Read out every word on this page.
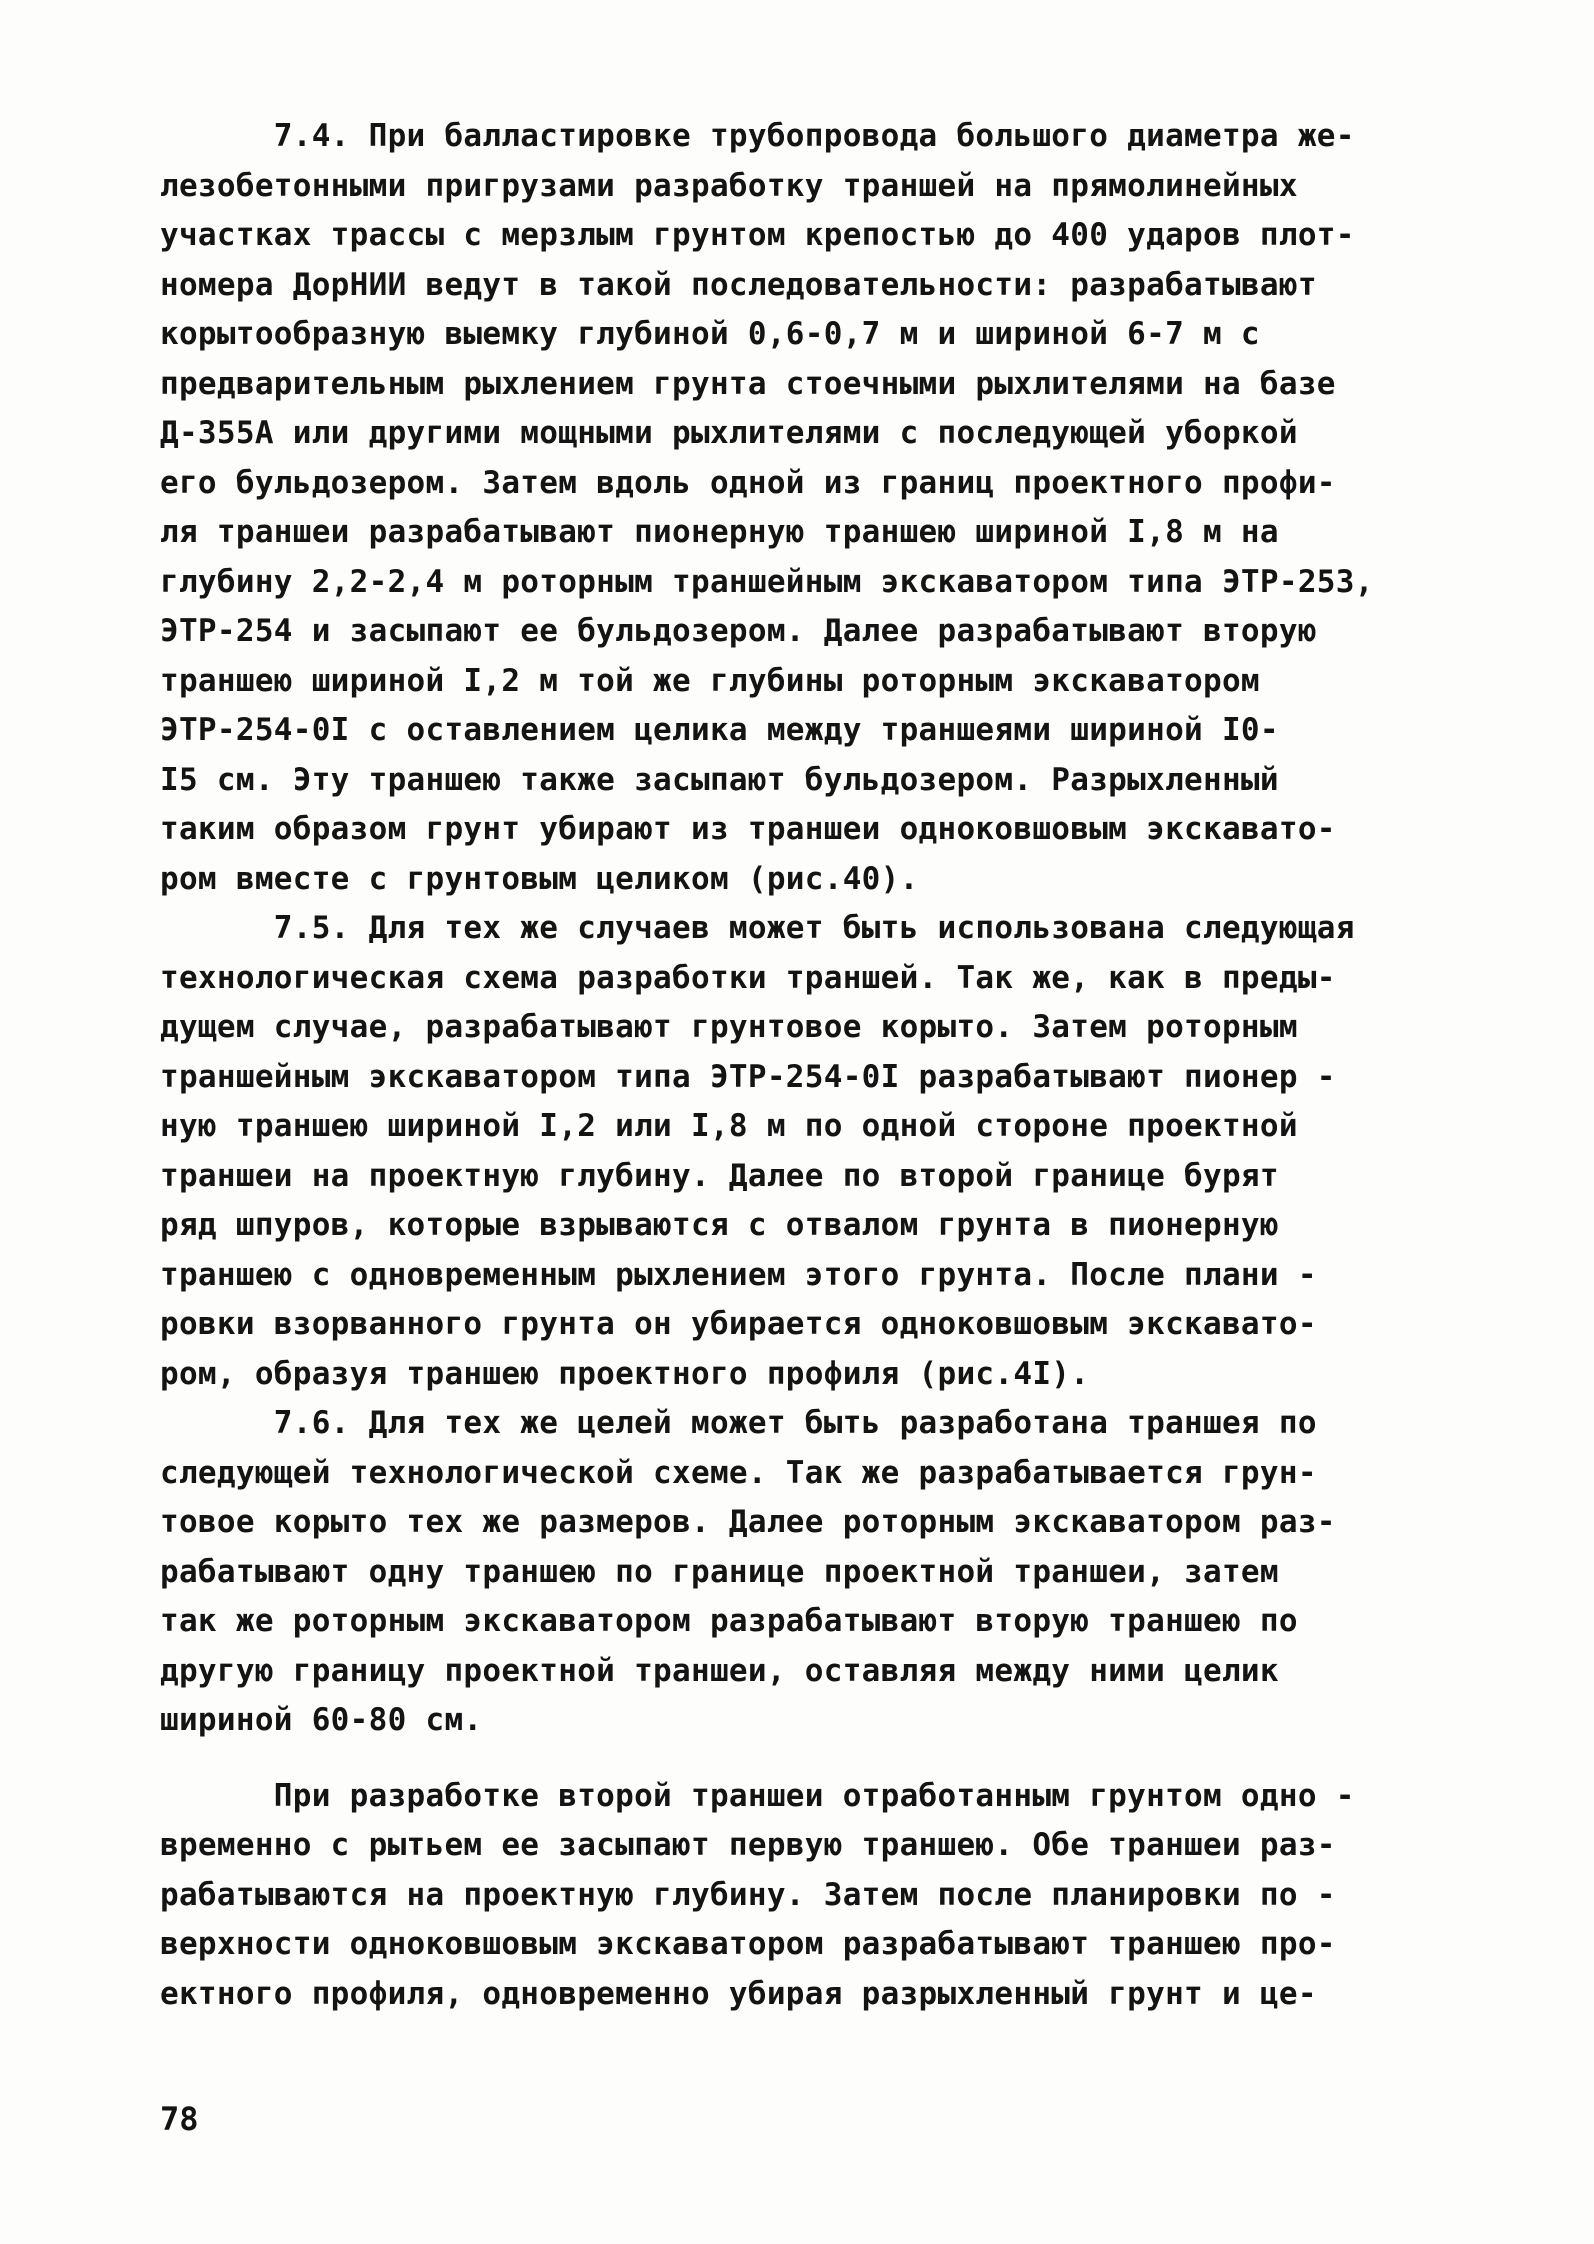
7.4. При балластировке трубопровода большого диаметра же-
лезобетонными пригрузами разработку траншей на прямолинейных
участках трассы с мерзлым грунтом крепостью до 400 ударов плот-
номера ДорНИИ ведут в такой последовательности: разрабатывают
корытообразную выемку глубиной 0,6-0,7 м и шириной 6-7 м с
предварительным рыхлением грунта стоечными рыхлителями на базе
Д-355А или другими мощными рыхлителями с последующей уборкой
его бульдозером. Затем вдоль одной из границ проектного профи-
ля траншеи разрабатывают пионерную траншею шириной I,8 м на
глубину 2,2-2,4 м роторным траншейным экскаватором типа ЭТР-253,
ЭТР-254 и засыпают ее бульдозером. Далее разрабатывают вторую
траншею шириной I,2 м той же глубины роторным экскаватором
ЭТР-254-0I с оставлением целика между траншеями шириной I0-
I5 см. Эту траншею также засыпают бульдозером. Разрыхленный
таким образом грунт убирают из траншеи одноковшовым экскавато-
ром вместе с грунтовым целиком (рис.40).
7.5. Для тех же случаев может быть использована следующая
технологическая схема разработки траншей. Так же, как в преды-
дущем случае, разрабатывают грунтовое корыто. Затем роторным
траншейным экскаватором типа ЭТР-254-0I разрабатывают пионер -
ную траншею шириной I,2 или I,8 м по одной стороне проектной
траншеи на проектную глубину. Далее по второй границе бурят
ряд шпуров, которые взрываются с отвалом грунта в пионерную
траншею с одновременным рыхлением этого грунта. После плани -
ровки взорванного грунта он убирается одноковшовым экскавато-
ром, образуя траншею проектного профиля (рис.4I).
7.6. Для тех же целей может быть разработана траншея по
следующей технологической схеме. Так же разрабатывается грун-
товое корыто тех же размеров. Далее роторным экскаватором раз-
рабатывают одну траншею по границе проектной траншеи, затем
так же роторным экскаватором разрабатывают вторую траншею по
другую границу проектной траншеи, оставляя между ними целик
шириной 60-80 см.
При разработке второй траншеи отработанным грунтом одно -
временно с рытьем ее засыпают первую траншею. Обе траншеи раз-
рабатываются на проектную глубину. Затем после планировки по -
верхности одноковшовым экскаватором разрабатывают траншею про-
ектного профиля, одновременно убирая разрыхленный грунт и це-
78
